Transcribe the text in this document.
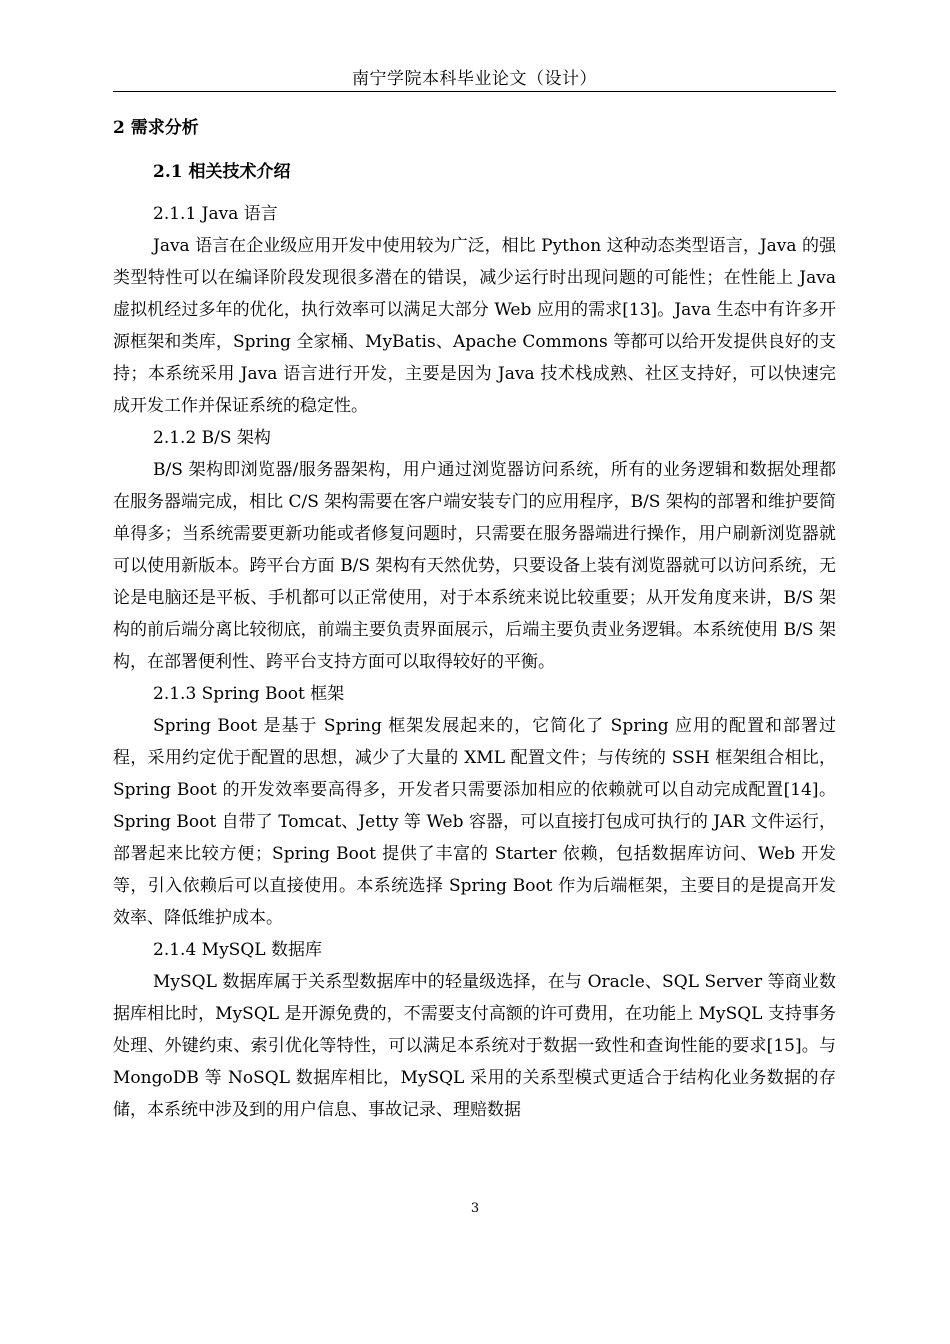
南宁学院本科毕业论文（设计）
2 需求分析
2.1 相关技术介绍
2.1.1 Java 语言

Java 语言在企业级应用开发中使用较为广泛，相比 Python 这种动态类型语言，Java 的强类型特性可以在编译阶段发现很多潜在的错误，减少运行时出现问题的可能性；在性能上 Java 虚拟机经过多年的优化，执行效率可以满足大部分 Web 应用的需求[13]。Java 生态中有许多开源框架和类库，Spring 全家桶、MyBatis、Apache Commons 等都可以给开发提供良好的支持；本系统采用 Java 语言进行开发，主要是因为 Java 技术栈成熟、社区支持好，可以快速完成开发工作并保证系统的稳定性。

2.1.2 B/S 架构

B/S 架构即浏览器/服务器架构，用户通过浏览器访问系统，所有的业务逻辑和数据处理都在服务器端完成，相比 C/S 架构需要在客户端安装专门的应用程序，B/S 架构的部署和维护要简单得多；当系统需要更新功能或者修复问题时，只需要在服务器端进行操作，用户刷新浏览器就可以使用新版本。跨平台方面 B/S 架构有天然优势，只要设备上装有浏览器就可以访问系统，无论是电脑还是平板、手机都可以正常使用，对于本系统来说比较重要；从开发角度来讲，B/S 架构的前后端分离比较彻底，前端主要负责界面展示，后端主要负责业务逻辑。本系统使用 B/S 架构，在部署便利性、跨平台支持方面可以取得较好的平衡。

2.1.3 Spring Boot 框架

Spring Boot 是基于 Spring 框架发展起来的，它简化了 Spring 应用的配置和部署过程，采用约定优于配置的思想，减少了大量的 XML 配置文件；与传统的 SSH 框架组合相比，Spring Boot 的开发效率要高得多，开发者只需要添加相应的依赖就可以自动完成配置[14]。Spring Boot 自带了 Tomcat、Jetty 等 Web 容器，可以直接打包成可执行的 JAR 文件运行，部署起来比较方便；Spring Boot 提供了丰富的 Starter 依赖，包括数据库访问、Web 开发等，引入依赖后可以直接使用。本系统选择 Spring Boot 作为后端框架，主要目的是提高开发效率、降低维护成本。

2.1.4 MySQL 数据库

MySQL 数据库属于关系型数据库中的轻量级选择，在与 Oracle、SQL Server 等商业数据库相比时，MySQL 是开源免费的，不需要支付高额的许可费用，在功能上 MySQL 支持事务处理、外键约束、索引优化等特性，可以满足本系统对于数据一致性和查询性能的要求[15]。与 MongoDB 等 NoSQL 数据库相比，MySQL 采用的关系型模式更适合于结构化业务数据的存储，本系统中涉及到的用户信息、事故记录、理赔数据

3
